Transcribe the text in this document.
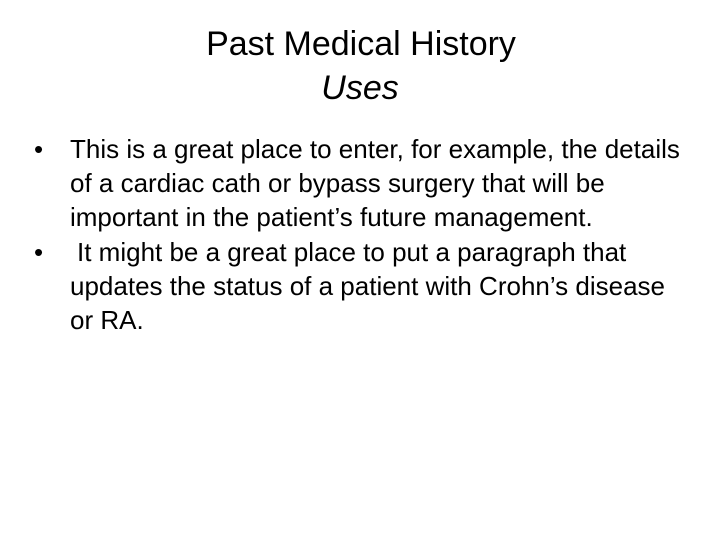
Past Medical History
Uses
•	This is a great place to enter, for example, the details of a cardiac cath or bypass surgery that will be important in the patient’s future management.
•	It might be a great place to put a paragraph that updates the status of a patient with Crohn’s disease or RA.
